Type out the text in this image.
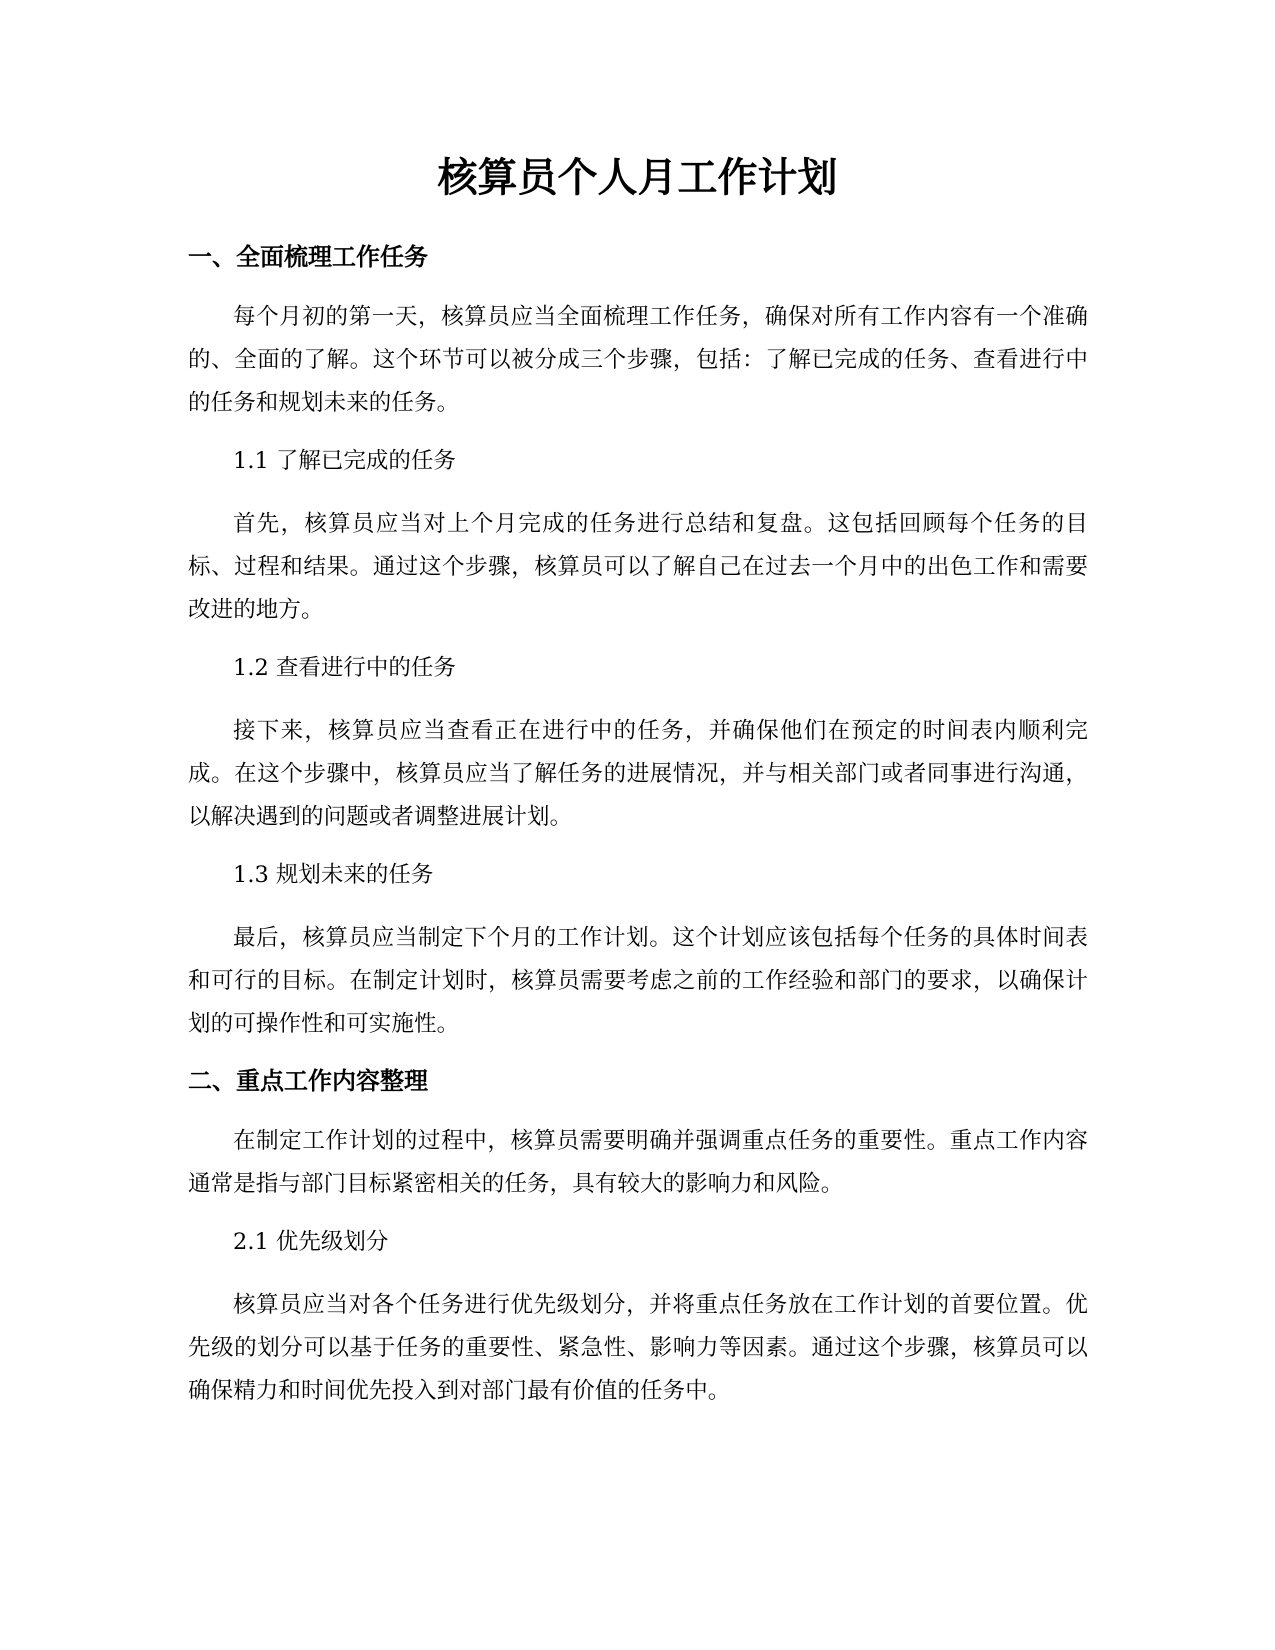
核算员个人月工作计划
一、全面梳理工作任务

每个月初的第一天，核算员应当全面梳理工作任务，确保对所有工作内容有一个准确的、全面的了解。这个环节可以被分成三个步骤，包括：了解已完成的任务、查看进行中的任务和规划未来的任务。

1.1 了解已完成的任务

首先，核算员应当对上个月完成的任务进行总结和复盘。这包括回顾每个任务的目标、过程和结果。通过这个步骤，核算员可以了解自己在过去一个月中的出色工作和需要改进的地方。

1.2 查看进行中的任务

接下来，核算员应当查看正在进行中的任务，并确保他们在预定的时间表内顺利完成。在这个步骤中，核算员应当了解任务的进展情况，并与相关部门或者同事进行沟通，以解决遇到的问题或者调整进展计划。

1.3 规划未来的任务

最后，核算员应当制定下个月的工作计划。这个计划应该包括每个任务的具体时间表和可行的目标。在制定计划时，核算员需要考虑之前的工作经验和部门的要求，以确保计划的可操作性和可实施性。

二、重点工作内容整理

在制定工作计划的过程中，核算员需要明确并强调重点任务的重要性。重点工作内容通常是指与部门目标紧密相关的任务，具有较大的影响力和风险。

2.1 优先级划分

核算员应当对各个任务进行优先级划分，并将重点任务放在工作计划的首要位置。优先级的划分可以基于任务的重要性、紧急性、影响力等因素。通过这个步骤，核算员可以确保精力和时间优先投入到对部门最有价值的任务中。
